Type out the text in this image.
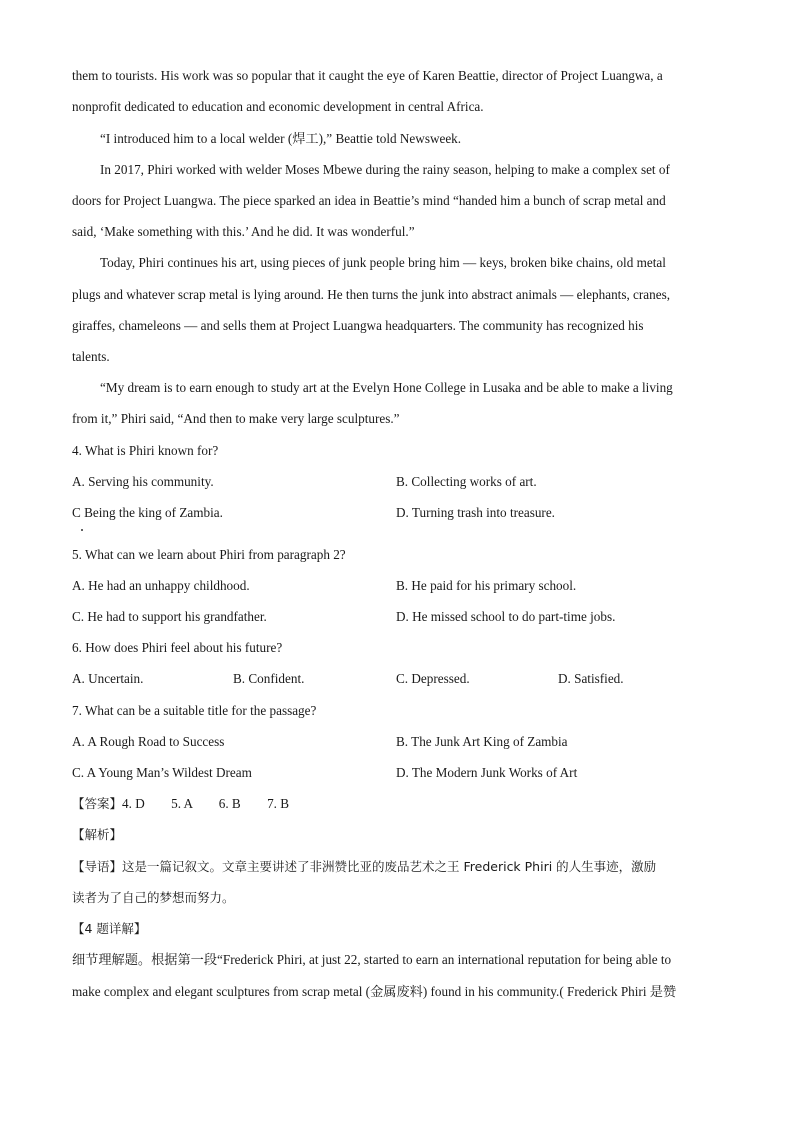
them to tourists. His work was so popular that it caught the eye of Karen Beattie, director of Project Luangwa, a
nonprofit dedicated to education and economic development in central Africa.
“I introduced him to a local welder (焊工),” Beattie told Newsweek.
In 2017, Phiri worked with welder Moses Mbewe during the rainy season, helping to make a complex set of
doors for Project Luangwa. The piece sparked an idea in Beattie’s mind “handed him a bunch of scrap metal and
said, ‘Make something with this.’ And he did. It was wonderful.”
Today, Phiri continues his art, using pieces of junk people bring him — keys, broken bike chains, old metal
plugs and whatever scrap metal is lying around. He then turns the junk into abstract animals — elephants, cranes,
giraffes, chameleons — and sells them at Project Luangwa headquarters. The community has recognized his
talents.
“My dream is to earn enough to study art at the Evelyn Hone College in Lusaka and be able to make a living
from it,” Phiri said, “And then to make very large sculptures.”
4. What is Phiri known for?
A. Serving his community.	B. Collecting works of art.
C Being the king of Zambia.	D. Turning trash into treasure.
5. What can we learn about Phiri from paragraph 2?
A. He had an unhappy childhood.	B. He paid for his primary school.
C. He had to support his grandfather.	D. He missed school to do part-time jobs.
6. How does Phiri feel about his future?
A. Uncertain.	B. Confident.	C. Depressed.	D. Satisfied.
7. What can be a suitable title for the passage?
A. A Rough Road to Success	B. The Junk Art King of Zambia
C. A Young Man’s Wildest Dream	D. The Modern Junk Works of Art
【答案】4. D        5. A        6. B        7. B
【解析】
【导语】这是一篇记叙文。文章主要讲述了非洲赞比亚的废品艺术之王 Frederick Phiri 的人生事迹，激励
读者为了自己的梦想而努力。
【4 题详解】
细节理解题。根据第一段“Frederick Phiri, at just 22, started to earn an international reputation for being able to
make complex and elegant sculptures from scrap metal (金属废料) found in his community.( Frederick Phiri 是赞
